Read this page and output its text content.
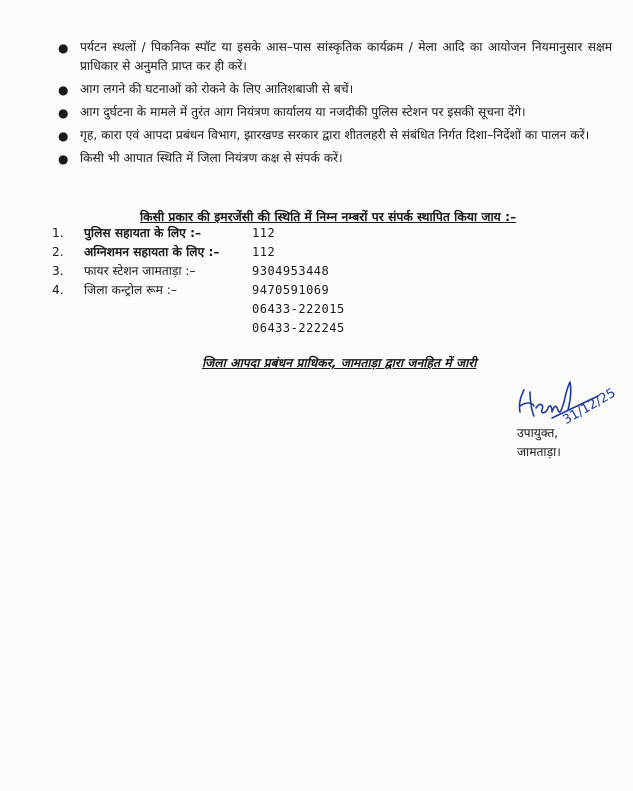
● पर्यटन स्थलों / पिकनिक स्पॉट या इसके आस–पास सांस्कृतिक कार्यक्रम / मेला आदि का आयोजन नियमानुसार सक्षम प्राधिकार से अनुमति प्राप्त कर ही करें।
● आग लगने की घटनाओं को रोकने के लिए आतिशबाजी से बचें।
● आग दुर्घटना के मामले में तुरंत आग नियंत्रण कार्यालय या नजदीकी पुलिस स्टेशन पर इसकी सूचना देंगे।
● गृह, कारा एवं आपदा प्रबंधन विभाग, झारखण्ड सरकार द्वारा शीतलहरी से संबंधित निर्गत दिशा–निर्देशों का पालन करें।
● किसी भी आपात स्थिति में जिला नियंत्रण कक्ष से संपर्क करें।
किसी प्रकार की इमरजेंसी की स्थिति में निम्न नम्बरों पर संपर्क स्थापित किया जाय :–
1.	पुलिस सहायता के लिए :–	112
2.	अग्निशमन सहायता के लिए :–	112
3.	फायर स्टेशन जामताड़ा :–	9304953448
4.	जिला कन्ट्रोल रूम :–	9470591069
06433-222015
06433-222245
जिला आपदा प्रबंधन प्राधिकर, जामताड़ा द्वारा जनहित में जारी
31/12/25
उपायुक्त,
जामताड़ा।
